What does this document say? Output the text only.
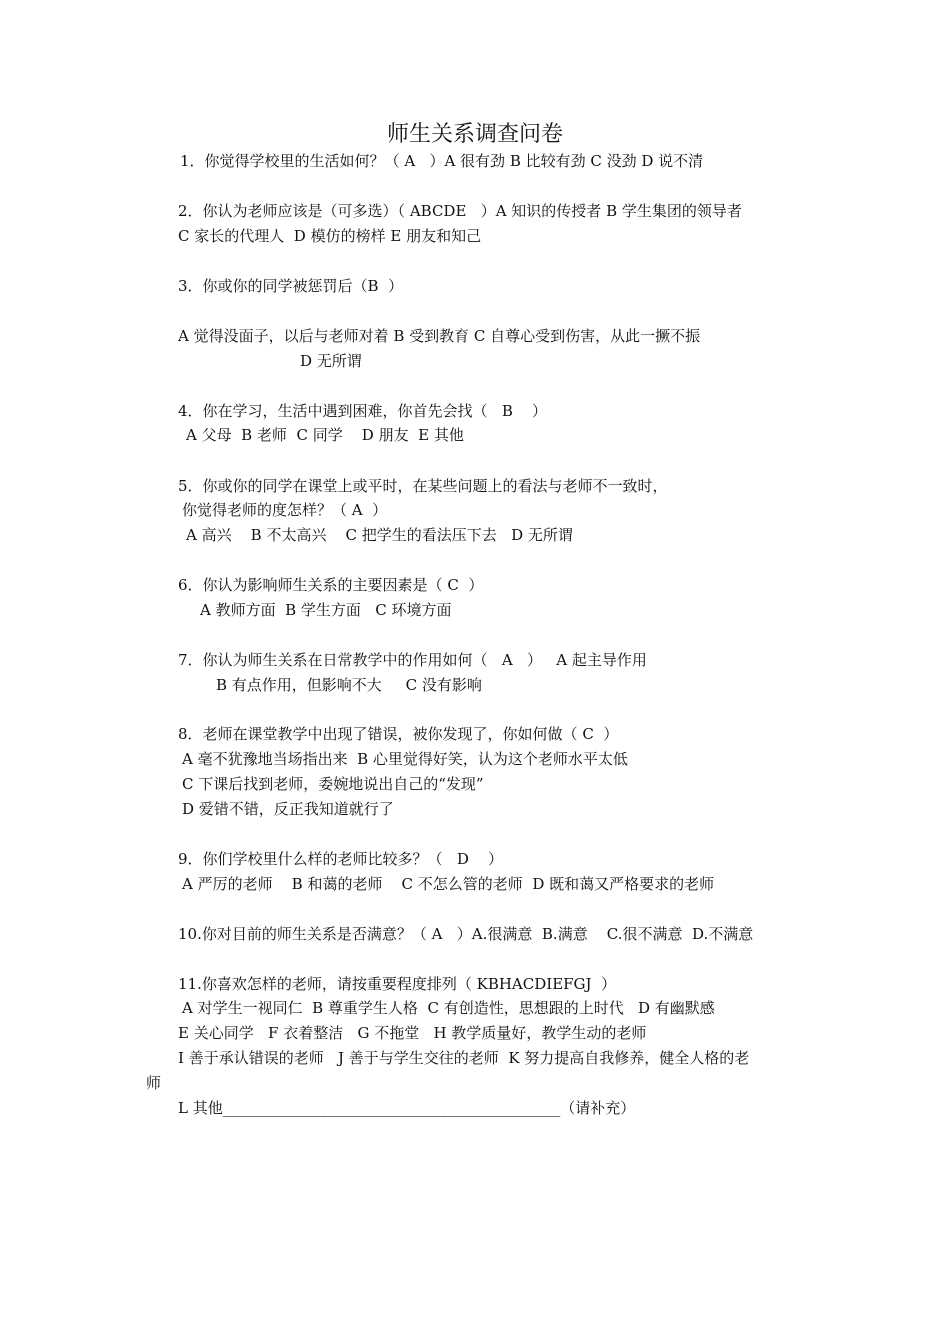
师生关系调查问卷
1．你觉得学校里的生活如何？（ A   ）A 很有劲 B 比较有劲 C 没劲 D 说不清
2．你认为老师应该是（可多选）（ ABCDE   ）A 知识的传授者 B 学生集团的领导者
C 家长的代理人  D 模仿的榜样 E 朋友和知己
3．你或你的同学被惩罚后（B  ）
A 觉得没面子，以后与老师对着 B 受到教育 C 自尊心受到伤害，从此一撅不振
D 无所谓
4．你在学习，生活中遇到困难，你首先会找（   B    ）
A 父母  B 老师  C 同学    D 朋友  E 其他
5．你或你的同学在课堂上或平时，在某些问题上的看法与老师不一致时，
你觉得老师的度怎样？（ A  ）
A 高兴    B 不太高兴    C 把学生的看法压下去   D 无所谓
6．你认为影响师生关系的主要因素是（ C  ）
A 教师方面  B 学生方面   C 环境方面
7．你认为师生关系在日常教学中的作用如何（   A   ）   A 起主导作用
B 有点作用，但影响不大     C 没有影响
8．老师在课堂教学中出现了错误，被你发现了，你如何做（ C  ）
A 毫不犹豫地当场指出来  B 心里觉得好笑，认为这个老师水平太低
C 下课后找到老师，委婉地说出自己的“发现”
D 爱错不错，反正我知道就行了
9．你们学校里什么样的老师比较多？（   D    ）
A 严厉的老师    B 和蔼的老师    C 不怎么管的老师  D 既和蔼又严格要求的老师
10.你对目前的师生关系是否满意？（ A   ）A.很满意  B.满意    C.很不满意  D.不满意
11.你喜欢怎样的老师，请按重要程度排列（ KBHACDIEFGJ  ）
A 对学生一视同仁  B 尊重学生人格  C 有创造性，思想跟的上时代   D 有幽默感
E 关心同学   F 衣着整洁   G 不拖堂   H 教学质量好，教学生动的老师
I 善于承认错误的老师   J 善于与学生交往的老师  K 努力提高自我修养，健全人格的老
师
L 其他_____________________________________________（请补充）
